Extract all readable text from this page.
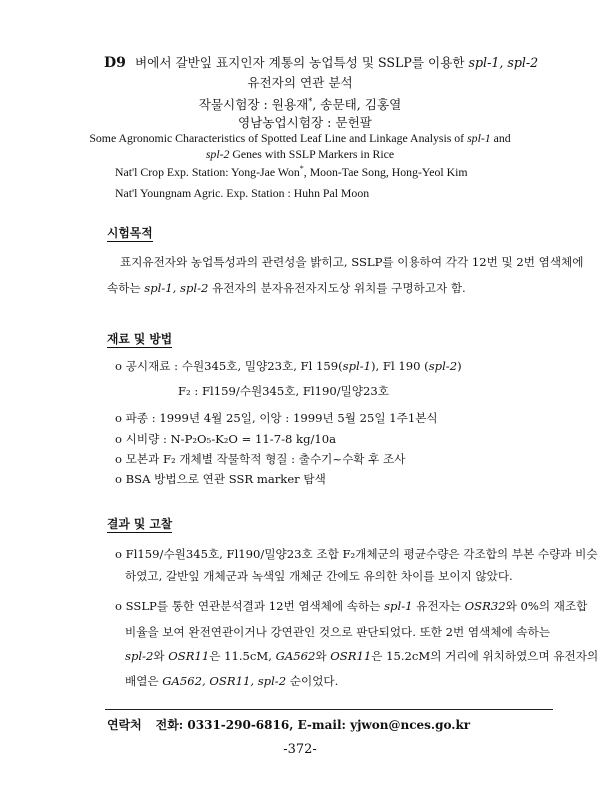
D9 벼에서 갈반잎 표지인자 계통의 농업특성 및 SSLP를 이용한 spl-1, spl-2
유전자의 연관 분석
작물시험장 : 원용재*, 송문태, 김홍열
영남농업시험장 : 문헌팔
Some Agronomic Characteristics of Spotted Leaf Line and Linkage Analysis of spl-1 and
spl-2 Genes with SSLP Markers in Rice
Nat'l Crop Exp. Station: Yong-Jae Won*, Moon-Tae Song, Hong-Yeol Kim
Nat'l Youngnam Agric. Exp. Station : Huhn Pal Moon
시험목적
표지유전자와 농업특성과의 관련성을 밝히고, SSLP를 이용하여 각각 12번 및 2번 염색체에
속하는 spl-1, spl-2 유전자의 분자유전자지도상 위치를 구명하고자 함.
재료 및 방법
o 공시재료 : 수원345호, 밀양23호, Fl 159(spl-1), Fl 190 (spl-2)
F₂ : Fl159/수원345호, Fl190/밀양23호
o 파종 : 1999년 4월 25일, 이앙 : 1999년 5월 25일 1주1본식
o 시비량 : N-P₂O₅-K₂O = 11-7-8 kg/10a
o 모본과 F₂ 개체별 작물학적 형질 : 출수기~수확 후 조사
o BSA 방법으로 연관 SSR marker 탐색
결과 및 고찰
o Fl159/수원345호, Fl190/밀양23호 조합 F₂개체군의 평균수량은 각조합의 부본 수량과 비슷
하였고, 갈반잎 개체군과 녹색잎 개체군 간에도 유의한 차이를 보이지 않았다.
o SSLP를 통한 연관분석결과 12번 염색체에 속하는 spl-1 유전자는 OSR32와 0%의 재조합
비율을 보여 완전연관이거나 강연관인 것으로 판단되었다. 또한 2번 염색체에 속하는
spl-2와 OSR11은 11.5cM, GA562와 OSR11은 15.2cM의 거리에 위치하였으며 유전자의
배열은 GA562, OSR11, spl-2 순이었다.
연락처 전화: 0331-290-6816, E-mail: yjwon@nces.go.kr
-372-
